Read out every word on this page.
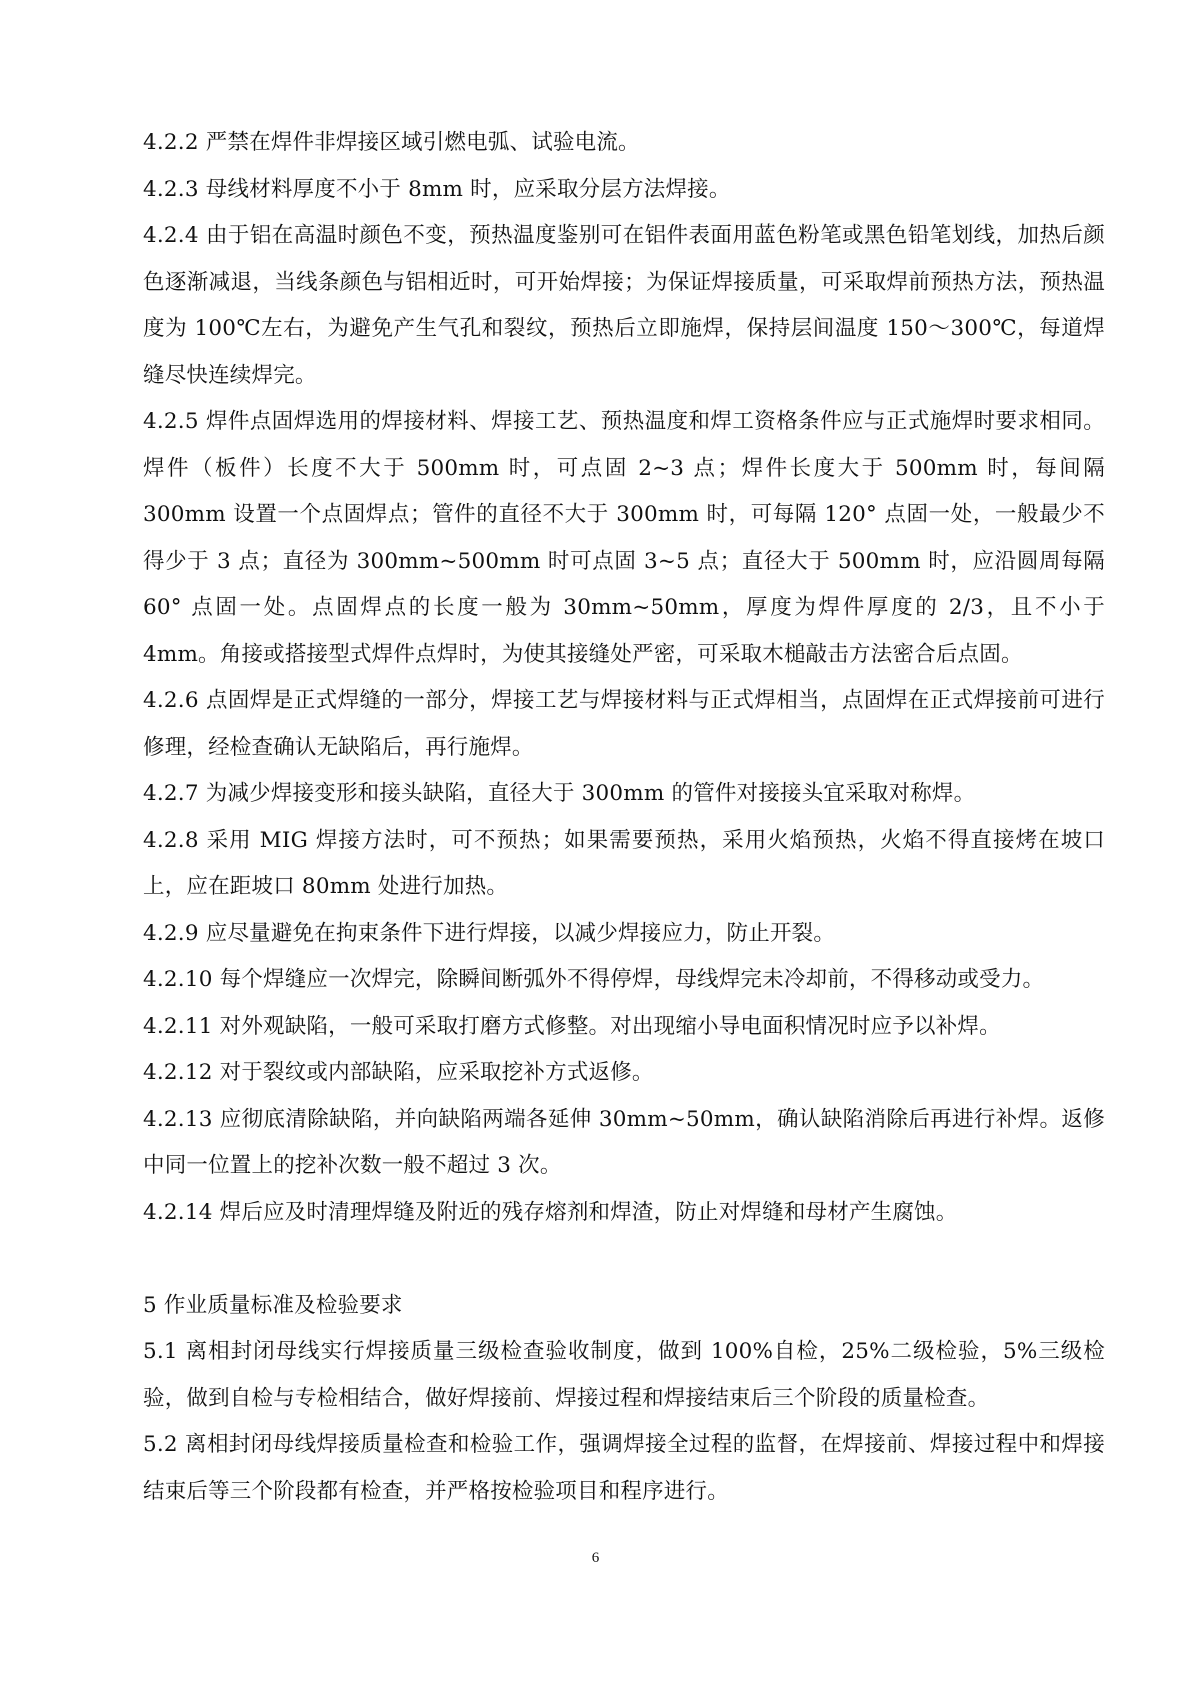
4.2.2 严禁在焊件非焊接区域引燃电弧、试验电流。

4.2.3 母线材料厚度不小于 8mm 时，应采取分层方法焊接。

4.2.4 由于铝在高温时颜色不变，预热温度鉴别可在铝件表面用蓝色粉笔或黑色铅笔划线，加热后颜色逐渐减退，当线条颜色与铝相近时，可开始焊接；为保证焊接质量，可采取焊前预热方法，预热温度为 100℃左右，为避免产生气孔和裂纹，预热后立即施焊，保持层间温度 150～300℃，每道焊缝尽快连续焊完。

4.2.5 焊件点固焊选用的焊接材料、焊接工艺、预热温度和焊工资格条件应与正式施焊时要求相同。焊件（板件）长度不大于 500mm 时，可点固 2~3 点；焊件长度大于 500mm 时，每间隔 300mm 设置一个点固焊点；管件的直径不大于 300mm 时，可每隔 120° 点固一处，一般最少不得少于 3 点；直径为 300mm~500mm 时可点固 3~5 点；直径大于 500mm 时，应沿圆周每隔 60° 点固一处。点固焊点的长度一般为 30mm~50mm，厚度为焊件厚度的 2/3，且不小于 4mm。角接或搭接型式焊件点焊时，为使其接缝处严密，可采取木槌敲击方法密合后点固。

4.2.6 点固焊是正式焊缝的一部分，焊接工艺与焊接材料与正式焊相当，点固焊在正式焊接前可进行修理，经检查确认无缺陷后，再行施焊。

4.2.7 为减少焊接变形和接头缺陷，直径大于 300mm 的管件对接接头宜采取对称焊。

4.2.8 采用 MIG 焊接方法时，可不预热；如果需要预热，采用火焰预热，火焰不得直接烤在坡口上，应在距坡口 80mm 处进行加热。

4.2.9 应尽量避免在拘束条件下进行焊接，以减少焊接应力，防止开裂。

4.2.10 每个焊缝应一次焊完，除瞬间断弧外不得停焊，母线焊完未冷却前，不得移动或受力。

4.2.11 对外观缺陷，一般可采取打磨方式修整。对出现缩小导电面积情况时应予以补焊。

4.2.12 对于裂纹或内部缺陷，应采取挖补方式返修。

4.2.13 应彻底清除缺陷，并向缺陷两端各延伸 30mm~50mm，确认缺陷消除后再进行补焊。返修中同一位置上的挖补次数一般不超过 3 次。

4.2.14 焊后应及时清理焊缝及附近的残存熔剂和焊渣，防止对焊缝和母材产生腐蚀。

5 作业质量标准及检验要求

5.1 离相封闭母线实行焊接质量三级检查验收制度，做到 100%自检，25%二级检验，5%三级检验，做到自检与专检相结合，做好焊接前、焊接过程和焊接结束后三个阶段的质量检查。

5.2 离相封闭母线焊接质量检查和检验工作，强调焊接全过程的监督，在焊接前、焊接过程中和焊接结束后等三个阶段都有检查，并严格按检验项目和程序进行。

6
